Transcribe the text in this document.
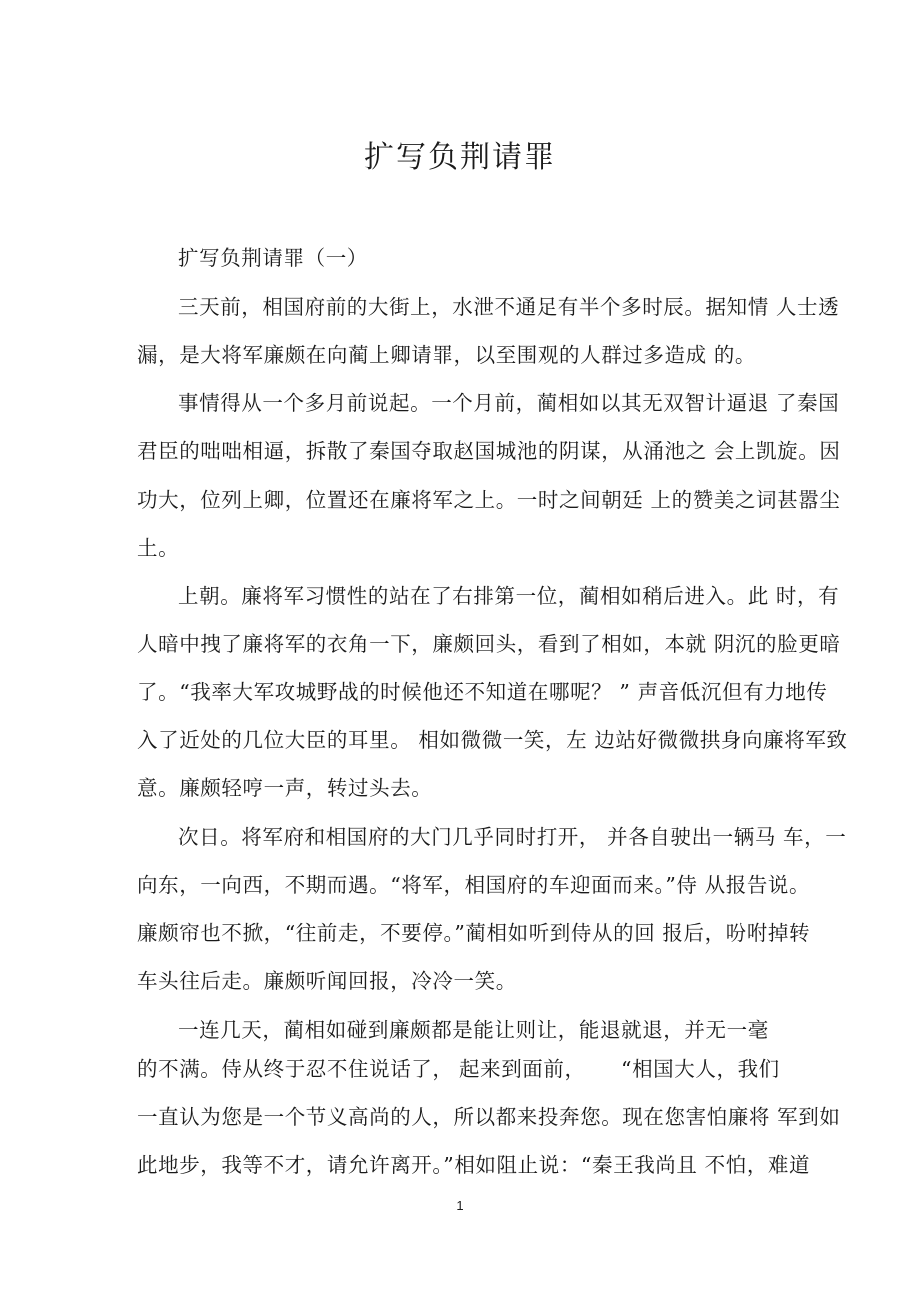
扩写负荆请罪
扩写负荆请罪（一）
三天前，相国府前的大街上，水泄不通足有半个多时辰。据知情 人士透
漏，是大将军廉颇在向蔺上卿请罪，以至围观的人群过多造成 的。
事情得从一个多月前说起。一个月前，蔺相如以其无双智计逼退 了秦国
君臣的咄咄相逼，拆散了秦国夺取赵国城池的阴谋，从涌池之 会上凯旋。因
功大，位列上卿，位置还在廉将军之上。一时之间朝廷 上的赞美之词甚嚣尘
土。
上朝。廉将军习惯性的站在了右排第一位，蔺相如稍后进入。此 时，有
人暗中拽了廉将军的衣角一下，廉颇回头，看到了相如，本就 阴沉的脸更暗
了。“我率大军攻城野战的时候他还不知道在哪呢？ ” 声音低沉但有力地传
入了近处的几位大臣的耳里。 相如微微一笑，左 边站好微微拱身向廉将军致
意。廉颇轻哼一声，转过头去。
次日。将军府和相国府的大门几乎同时打开， 并各自驶出一辆马 车，一
向东，一向西，不期而遇。“将军，相国府的车迎面而来。”侍 从报告说。
廉颇帘也不掀，“往前走，不要停。”蔺相如听到侍从的回 报后，吩咐掉转
车头往后走。廉颇听闻回报，冷冷一笑。
一连几天，蔺相如碰到廉颇都是能让则让，能退就退，并无一毫
的不满。侍从终于忍不住说话了， 起来到面前， “相国大人，我们
一直认为您是一个节义高尚的人，所以都来投奔您。现在您害怕廉将 军到如
此地步，我等不才，请允许离开。”相如阻止说：“秦王我尚且 不怕，难道
1
